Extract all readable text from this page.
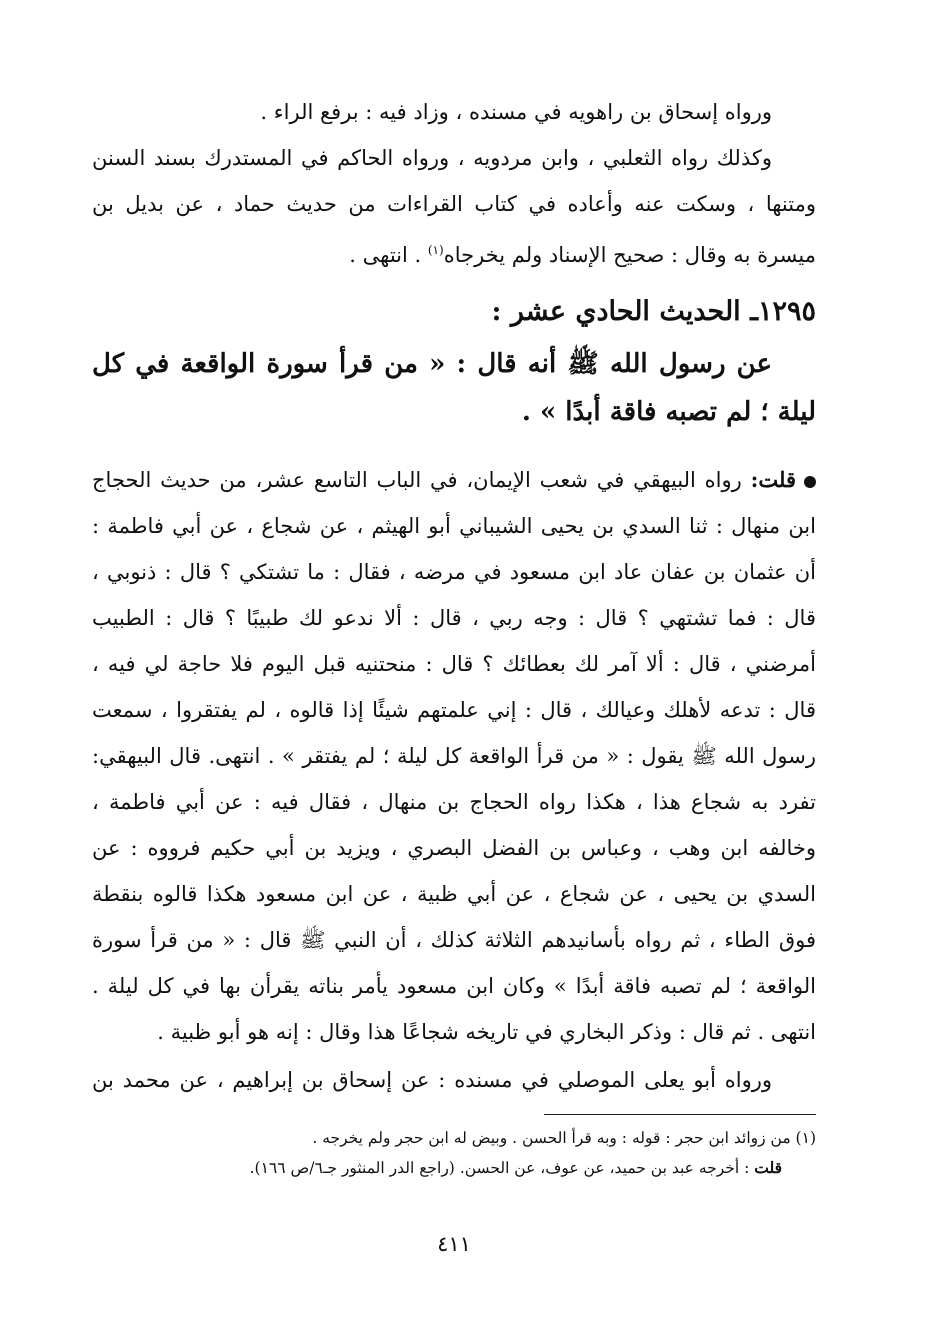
ورواه إسحاق بن راهويه في مسنده ، وزاد فيه : برفع الراء .
وكذلك رواه الثعلبي ، وابن مردويه ، ورواه الحاكم في المستدرك بسند السنن
ومتنها ، وسكت عنه وأعاده في كتاب القراءات من حديث حماد ، عن بديل بن
ميسرة به وقال : صحيح الإسناد ولم يخرجاه$^{(١)}$ . انتهى .
١٢٩٥ـ الحديث الحادي عشر :
عن رسول الله ﷺ أنه قال : « من قرأ سورة الواقعة في كل
ليلة ؛ لم تصبه فاقة أبدًا » .
قلت: رواه البيهقي في شعب الإيمان، في الباب التاسع عشر، من حديث الحجاج
ابن منهال : ثنا السدي بن يحيى الشيباني أبو الهيثم ، عن شجاع ، عن أبي فاطمة :
أن عثمان بن عفان عاد ابن مسعود في مرضه ، فقال : ما تشتكي ؟ قال : ذنوبي ،
قال : فما تشتهي ؟ قال : وجه ربي ، قال : ألا ندعو لك طبيبًا ؟ قال : الطبيب
أمرضني ، قال : ألا آمر لك بعطائك ؟ قال : منحتنيه قبل اليوم فلا حاجة لي فيه ،
قال : تدعه لأهلك وعيالك ، قال : إني علمتهم شيئًا إذا قالوه ، لم يفتقروا ، سمعت
رسول الله ﷺ يقول : « من قرأ الواقعة كل ليلة ؛ لم يفتقر » . انتهى. قال البيهقي:
تفرد به شجاع هذا ، هكذا رواه الحجاج بن منهال ، فقال فيه : عن أبي فاطمة ،
وخالفه ابن وهب ، وعباس بن الفضل البصري ، ويزيد بن أبي حكيم فرووه : عن
السدي بن يحيى ، عن شجاع ، عن أبي ظبية ، عن ابن مسعود هكذا قالوه بنقطة
فوق الطاء ، ثم رواه بأسانيدهم الثلاثة كذلك ، أن النبي ﷺ قال : « من قرأ سورة
الواقعة ؛ لم تصبه فاقة أبدًا » وكان ابن مسعود يأمر بناته يقرأن بها في كل ليلة .
انتهى . ثم قال : وذكر البخاري في تاريخه شجاعًا هذا وقال : إنه هو أبو ظبية .
ورواه أبو يعلى الموصلي في مسنده : عن إسحاق بن إبراهيم ، عن محمد بن
(١) من زوائد ابن حجر : قوله : وبه قرأ الحسن . وبيض له ابن حجر ولم يخرجه .
قلت : أخرجه عبد بن حميد، عن عوف، عن الحسن. (راجع الدر المنثور جـ٦/ص ١٦٦).
٤١١
